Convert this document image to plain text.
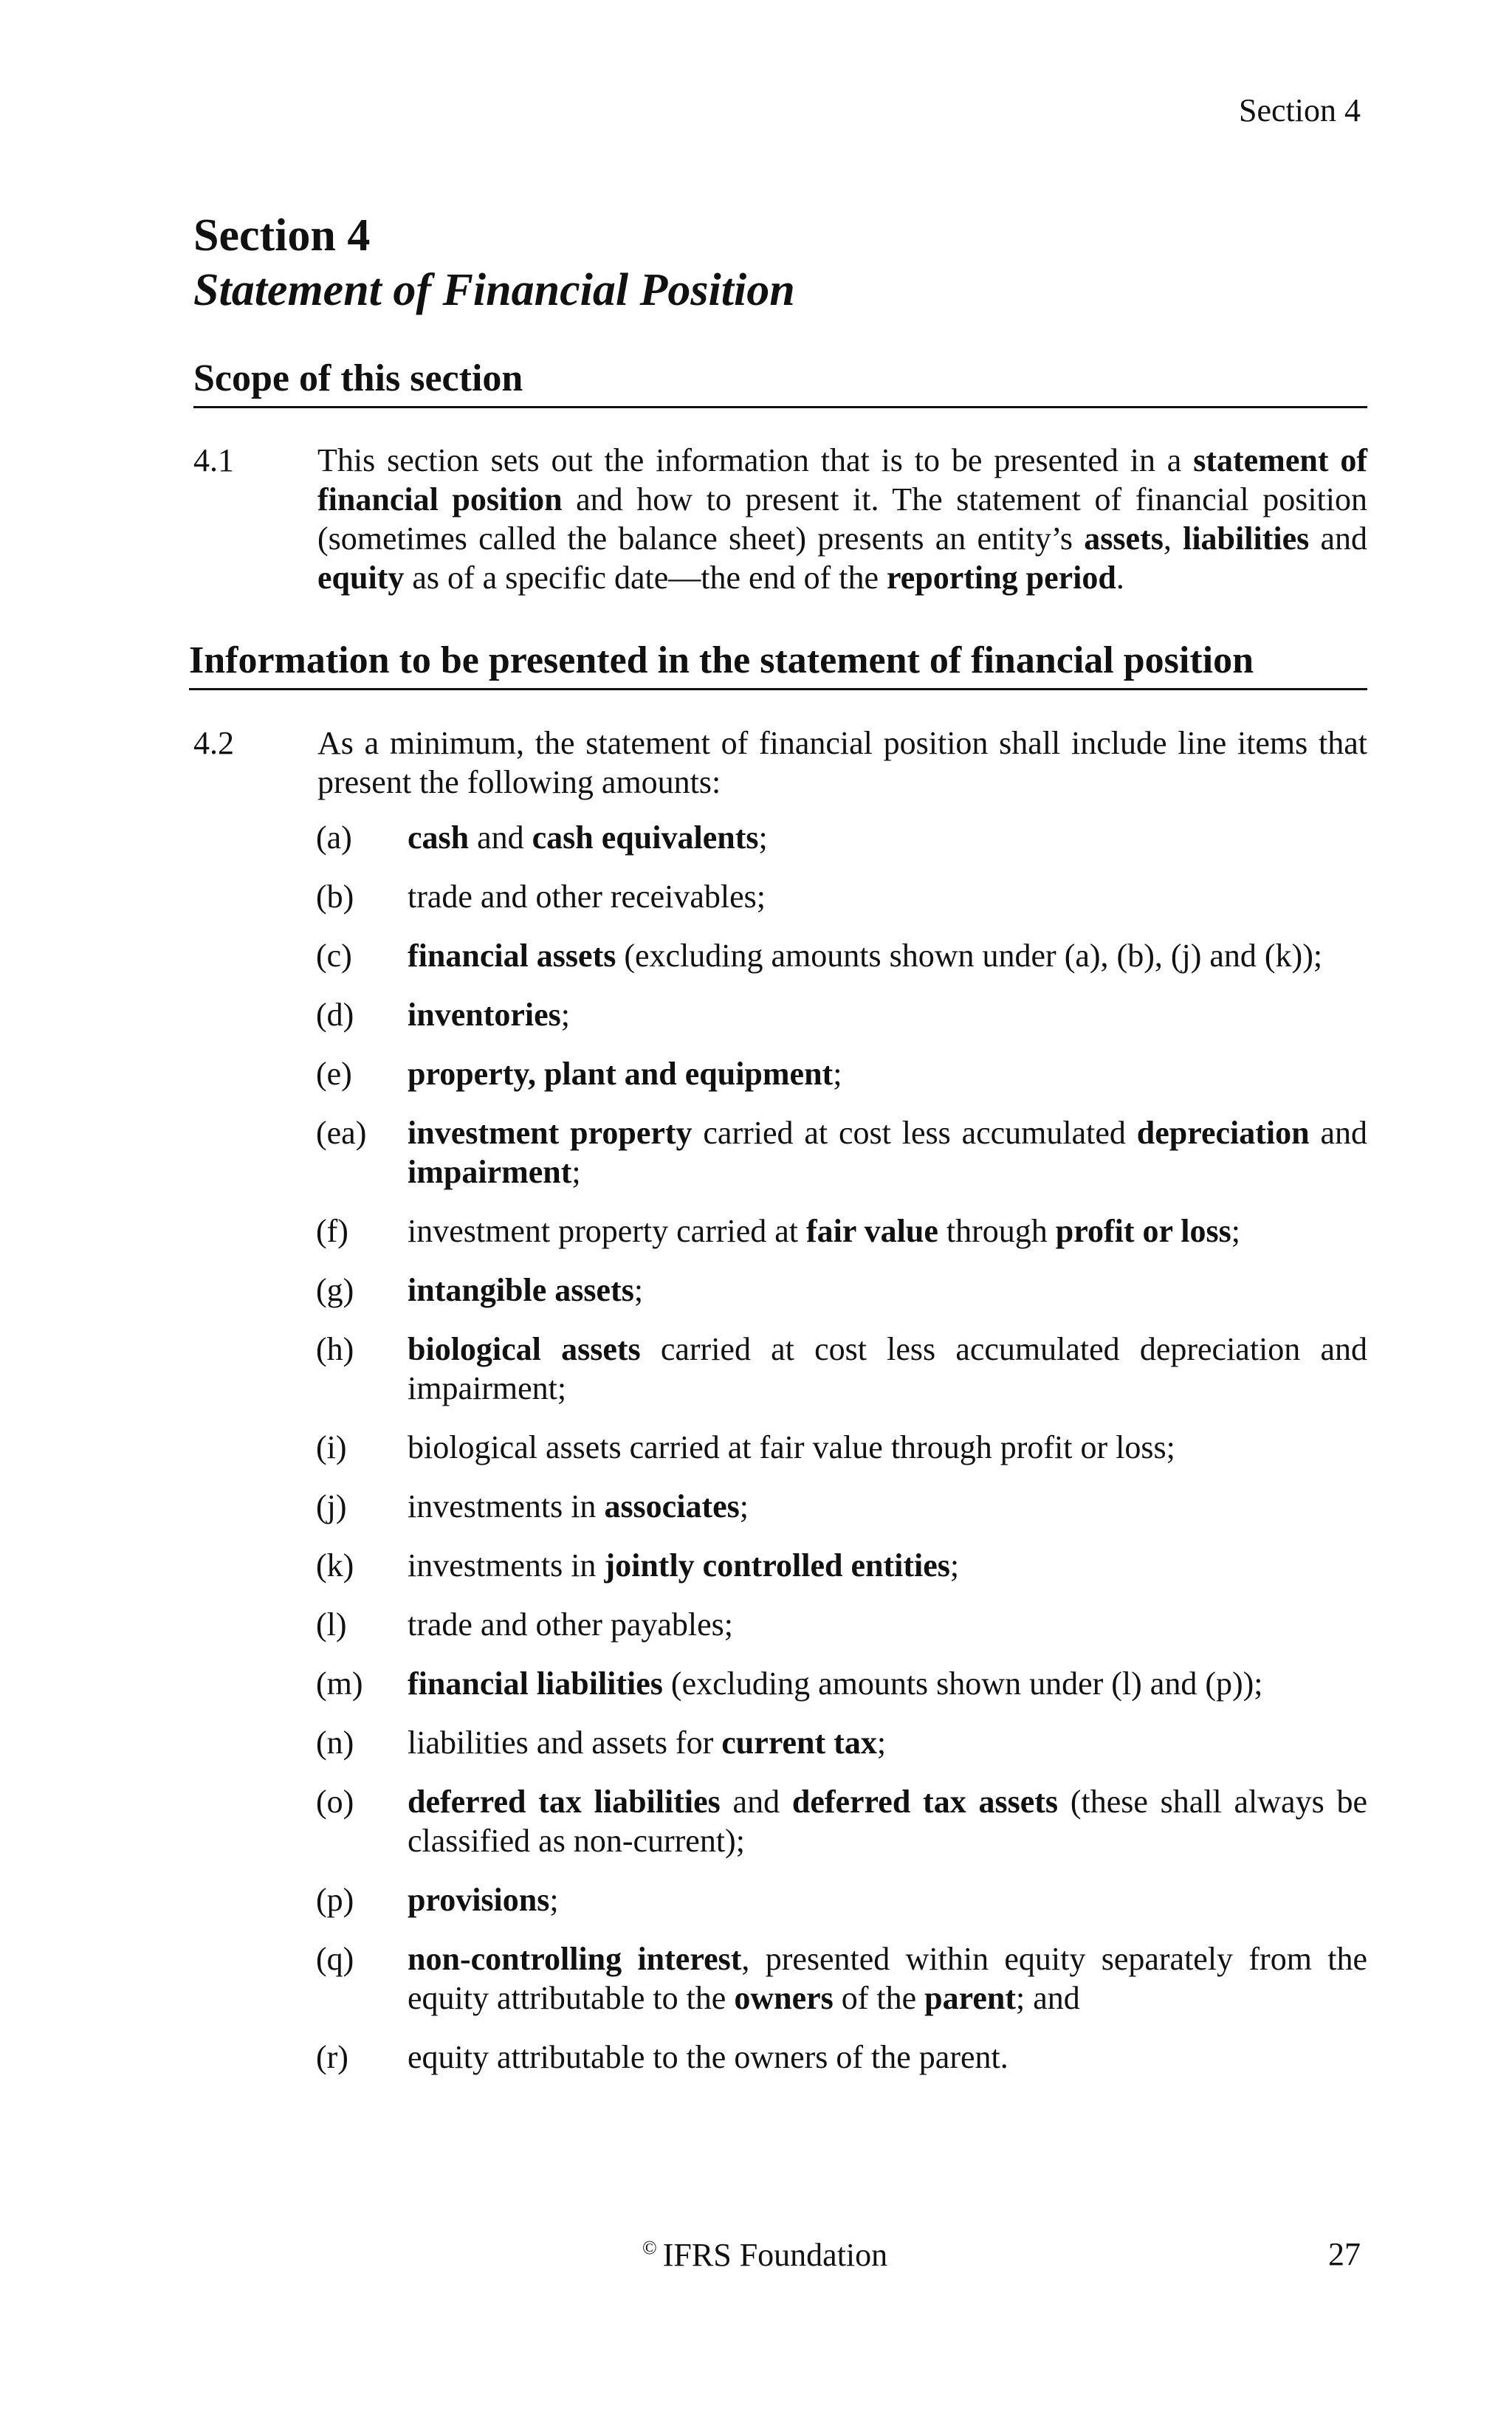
Section 4
Section 4
Statement of Financial Position
Scope of this section
4.1	This section sets out the information that is to be presented in a statement of financial position and how to present it. The statement of financial position (sometimes called the balance sheet) presents an entity’s assets, liabilities and equity as of a specific date—the end of the reporting period.
Information to be presented in the statement of financial position
4.2	As a minimum, the statement of financial position shall include line items that present the following amounts:
(a)	cash and cash equivalents;
(b)	trade and other receivables;
(c)	financial assets (excluding amounts shown under (a), (b), (j) and (k));
(d)	inventories;
(e)	property, plant and equipment;
(ea)	investment property carried at cost less accumulated depreciation and impairment;
(f)	investment property carried at fair value through profit or loss;
(g)	intangible assets;
(h)	biological assets carried at cost less accumulated depreciation and impairment;
(i)	biological assets carried at fair value through profit or loss;
(j)	investments in associates;
(k)	investments in jointly controlled entities;
(l)	trade and other payables;
(m)	financial liabilities (excluding amounts shown under (l) and (p));
(n)	liabilities and assets for current tax;
(o)	deferred tax liabilities and deferred tax assets (these shall always be classified as non-current);
(p)	provisions;
(q)	non-controlling interest, presented within equity separately from the equity attributable to the owners of the parent; and
(r)	equity attributable to the owners of the parent.
© IFRS Foundation	27
